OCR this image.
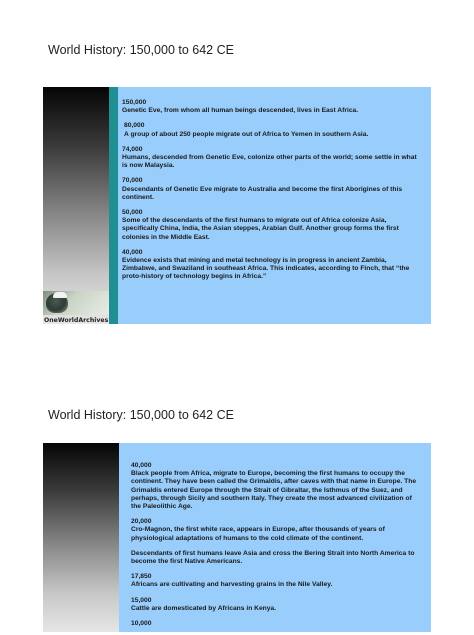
World History: 150,000 to 642 CE
OneWorldArchives
150,000
Genetic Eve, from whom all human beings descended, lives in East Africa.
80,000
A group of about 250 people migrate out of Africa to Yemen in southern Asia.
74,000
Humans, descended from Genetic Eve, colonize other parts of the world; some settle in what is now Malaysia.
70,000
Descendants of Genetic Eve migrate to Australia and become the first Aborigines of this continent.
50,000
Some of the descendants of the first humans to migrate out of Africa colonize Asia, specifically China, India, the Asian steppes, Arabian Gulf. Another group forms the first colonies in the Middle East.
40,000
Evidence exists that mining and metal technology is in progress in ancient Zambia, Zimbabwe, and Swaziland in southeast Africa. This indicates, according to Finch, that “the proto-history of technology begins in Africa.”
World History: 150,000 to 642 CE
40,000
Black people from Africa, migrate to Europe, becoming the first humans to occupy the continent. They have been called the Grimaldis, after caves with that name in Europe. The Grimaldis entered Europe through the Strait of Gibraltar, the Isthmus of the Suez, and perhaps, through Sicily and southern Italy. They create the most advanced civilization of the Paleolithic Age.
20,000
Cro-Magnon, the first white race, appears in Europe, after thousands of years of physiological adaptations of humans to the cold climate of the continent.
Descendants of first humans leave Asia and cross the Bering Strait into North America to become the first Native Americans.
17,850
Africans are cultivating and harvesting grains in the Nile Valley.
15,000
Cattle are domesticated by Africans in Kenya.
10,000
